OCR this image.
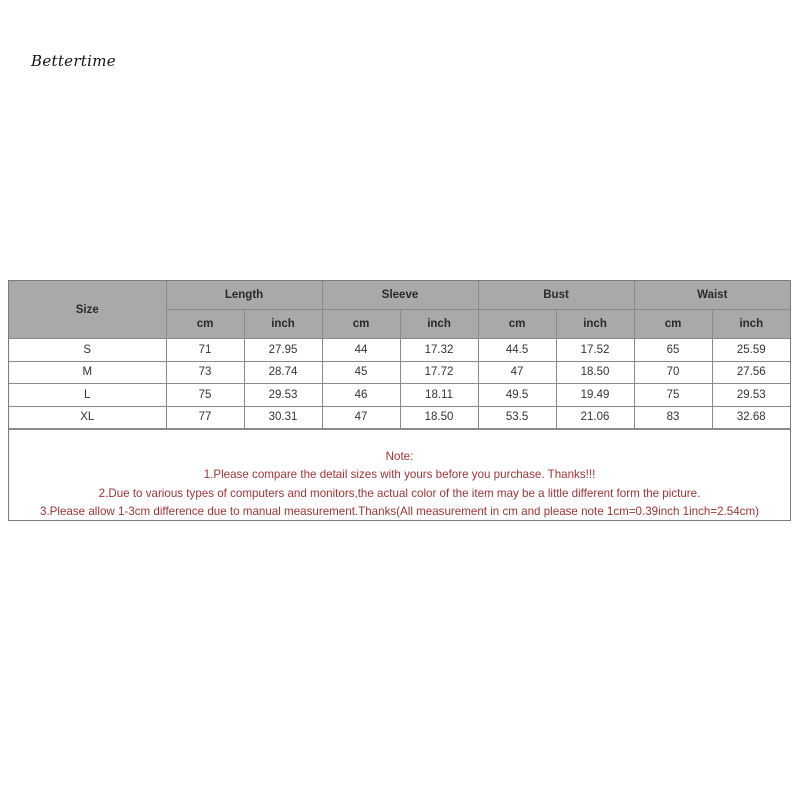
Bettertime
Size	Length		Sleeve		Bust		Waist	
	cm	inch	cm	inch	cm	inch	cm	inch
S	71	27.95	44	17.32	44.5	17.52	65	25.59
M	73	28.74	45	17.72	47	18.50	70	27.56
L	75	29.53	46	18.11	49.5	19.49	75	29.53
XL	77	30.31	47	18.50	53.5	21.06	83	32.68
Note:
1.Please compare the detail sizes with yours before you purchase. Thanks!!!
2.Due to various types of computers and monitors,the actual color of the item may be a little different form the picture.
3.Please allow 1-3cm difference due to manual measurement.Thanks(All measurement in cm and please note 1cm=0.39inch 1inch=2.54cm)
